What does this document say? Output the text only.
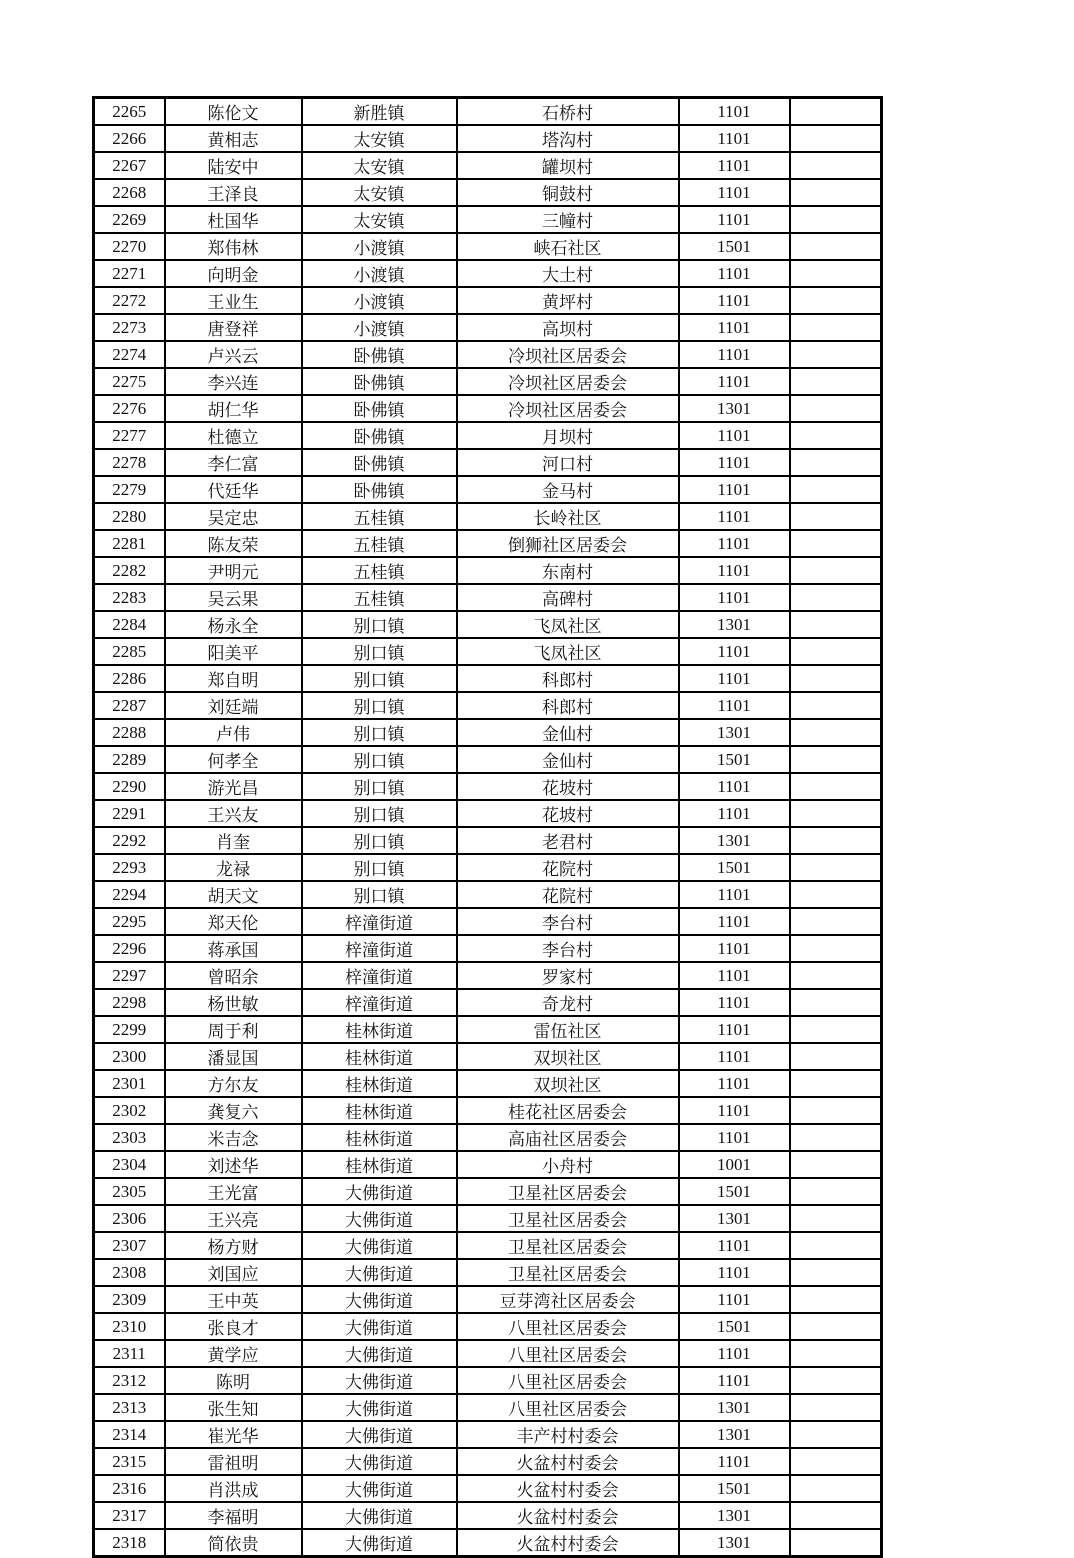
2265	陈伦文	新胜镇	石桥村	1101	
2266	黄相志	太安镇	塔沟村	1101	
2267	陆安中	太安镇	罐坝村	1101	
2268	王泽良	太安镇	铜鼓村	1101	
2269	杜国华	太安镇	三幢村	1101	
2270	郑伟林	小渡镇	峡石社区	1501	
2271	向明金	小渡镇	大土村	1101	
2272	王业生	小渡镇	黄坪村	1101	
2273	唐登祥	小渡镇	高坝村	1101	
2274	卢兴云	卧佛镇	冷坝社区居委会	1101	
2275	李兴连	卧佛镇	冷坝社区居委会	1101	
2276	胡仁华	卧佛镇	冷坝社区居委会	1301	
2277	杜德立	卧佛镇	月坝村	1101	
2278	李仁富	卧佛镇	河口村	1101	
2279	代廷华	卧佛镇	金马村	1101	
2280	吴定忠	五桂镇	长岭社区	1101	
2281	陈友荣	五桂镇	倒狮社区居委会	1101	
2282	尹明元	五桂镇	东南村	1101	
2283	吴云果	五桂镇	高碑村	1101	
2284	杨永全	别口镇	飞凤社区	1301	
2285	阳美平	别口镇	飞凤社区	1101	
2286	郑自明	别口镇	科郎村	1101	
2287	刘廷端	别口镇	科郎村	1101	
2288	卢伟	别口镇	金仙村	1301	
2289	何孝全	别口镇	金仙村	1501	
2290	游光昌	别口镇	花坡村	1101	
2291	王兴友	别口镇	花坡村	1101	
2292	肖奎	别口镇	老君村	1301	
2293	龙禄	别口镇	花院村	1501	
2294	胡天文	别口镇	花院村	1101	
2295	郑天伦	梓潼街道	李台村	1101	
2296	蒋承国	梓潼街道	李台村	1101	
2297	曾昭余	梓潼街道	罗家村	1101	
2298	杨世敏	梓潼街道	奇龙村	1101	
2299	周于利	桂林街道	雷伍社区	1101	
2300	潘显国	桂林街道	双坝社区	1101	
2301	方尔友	桂林街道	双坝社区	1101	
2302	龚复六	桂林街道	桂花社区居委会	1101	
2303	米吉念	桂林街道	高庙社区居委会	1101	
2304	刘述华	桂林街道	小舟村	1001	
2305	王光富	大佛街道	卫星社区居委会	1501	
2306	王兴亮	大佛街道	卫星社区居委会	1301	
2307	杨方财	大佛街道	卫星社区居委会	1101	
2308	刘国应	大佛街道	卫星社区居委会	1101	
2309	王中英	大佛街道	豆芽湾社区居委会	1101	
2310	张良才	大佛街道	八里社区居委会	1501	
2311	黄学应	大佛街道	八里社区居委会	1101	
2312	陈明	大佛街道	八里社区居委会	1101	
2313	张生知	大佛街道	八里社区居委会	1301	
2314	崔光华	大佛街道	丰产村村委会	1301	
2315	雷祖明	大佛街道	火盆村村委会	1101	
2316	肖洪成	大佛街道	火盆村村委会	1501	
2317	李福明	大佛街道	火盆村村委会	1301	
2318	简依贵	大佛街道	火盆村村委会	1301	
